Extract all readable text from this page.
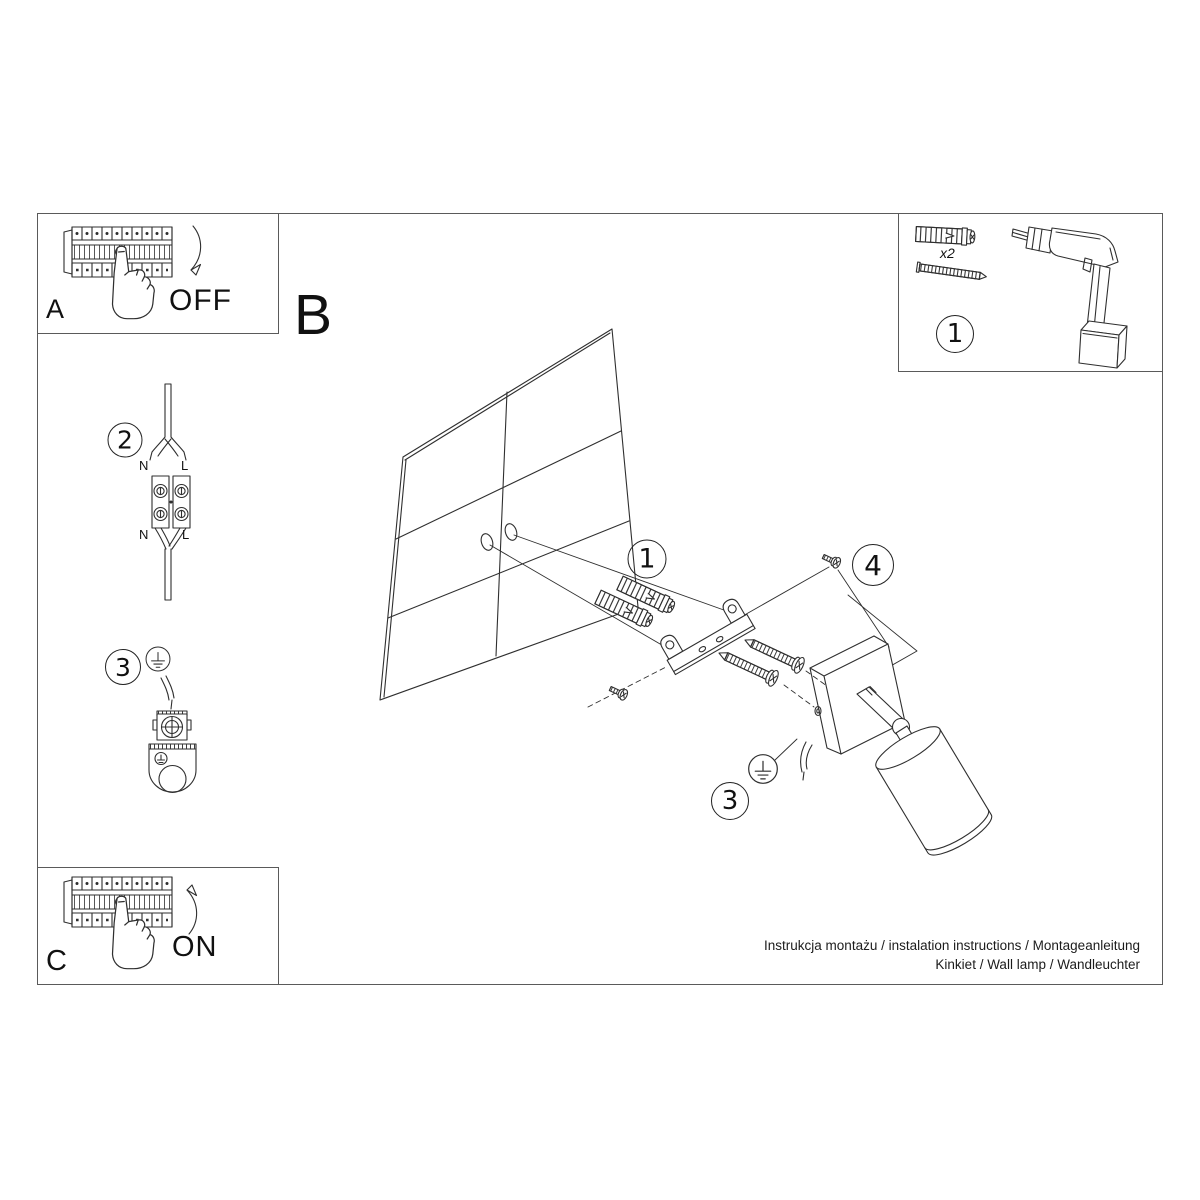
1
2
3
1	4
3
A	OFF B
C	ON
x2
N	L
N	L
Instrukcja montażu / instalation instructions / Montageanleitung
Kinkiet / Wall lamp / Wandleuchter
